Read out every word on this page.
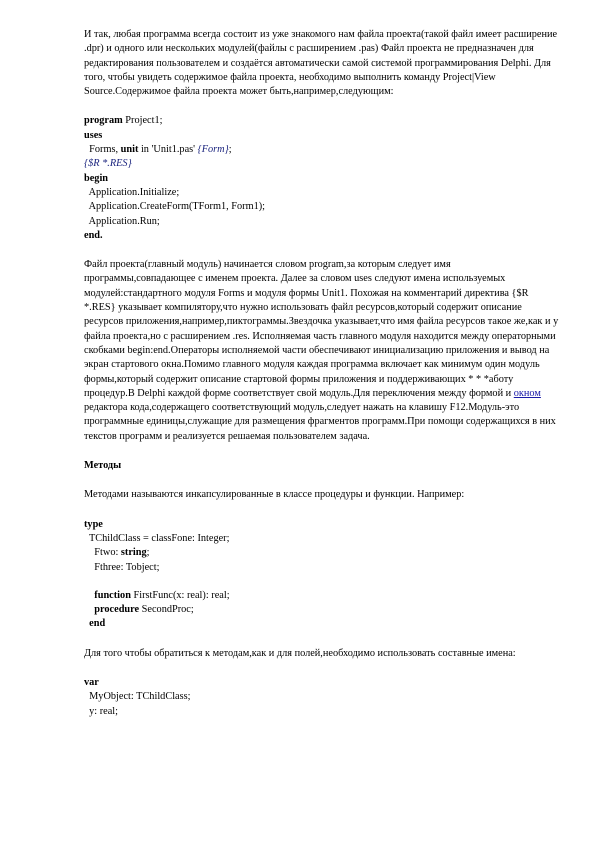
И так, любая программа всегда состоит из уже знакомого нам файла проекта(такой файл имеет расширение .dpr) и одного или нескольких модулей(файлы с расширением .pas) Файл проекта не предназначен для редактирования пользователем и создаётся автоматически самой системой программирования Delphi. Для того, чтобы увидеть содержимое файла проекта, необходимо выполнить команду Project|View Source.Содержимое файла проекта может быть,например,следующим:

program Project1;

uses

Forms, unit in 'Unit1.pas' {Form};

{$R *.RES}

begin

Application.Initialize;

Application.CreateForm(TForm1, Form1);

Application.Run;

end.

Файл проекта(главный модуль) начинается словом program,за которым следует имя программы,совпадающее с именем проекта. Далее за словом uses следуют имена используемых модулей:стандартного модуля Forms и модуля формы Unit1. Похожая на комментарий директива {$R *.RES} указывает компилятору,что нужно использовать файл ресурсов,который содержит описание ресурсов приложения,например,пиктограммы.Звездочка указывает,что имя файла ресурсов такое же,как и у файла проекта,но с расширением .res. Исполняемая часть главного модуля находится между операторными скобками begin:end.Операторы исполняемой части обеспечивают инициализацию приложения и вывод на экран стартового окна.Помимо главного модуля каждая программа включает как минимум один модуль формы,который содержит описание стартовой формы приложения и поддерживающих * * *аботу процедур.В Delphi каждой форме соответствует свой модуль.Для переключения между формой и окном редактора кода,содержащего соответствующий модуль,следует нажать на клавишу F12.Модуль-это программные единицы,служащие для размещения фрагментов программ.При помощи содержащихся в них текстов программ и реализуется решаемая пользователем задача.

Методы

Методами называются инкапсулированные в классе процедуры и функции. Например:

type

TChildClass = classFone: Integer;

Ftwo: string;

Fthree: Tobject;

function FirstFunc(x: real): real;

procedure SecondProc;

end

Для того чтобы обратиться к методам,как и для полей,необходимо использовать составные имена:

var

MyObject: TChildClass;

y: real;
